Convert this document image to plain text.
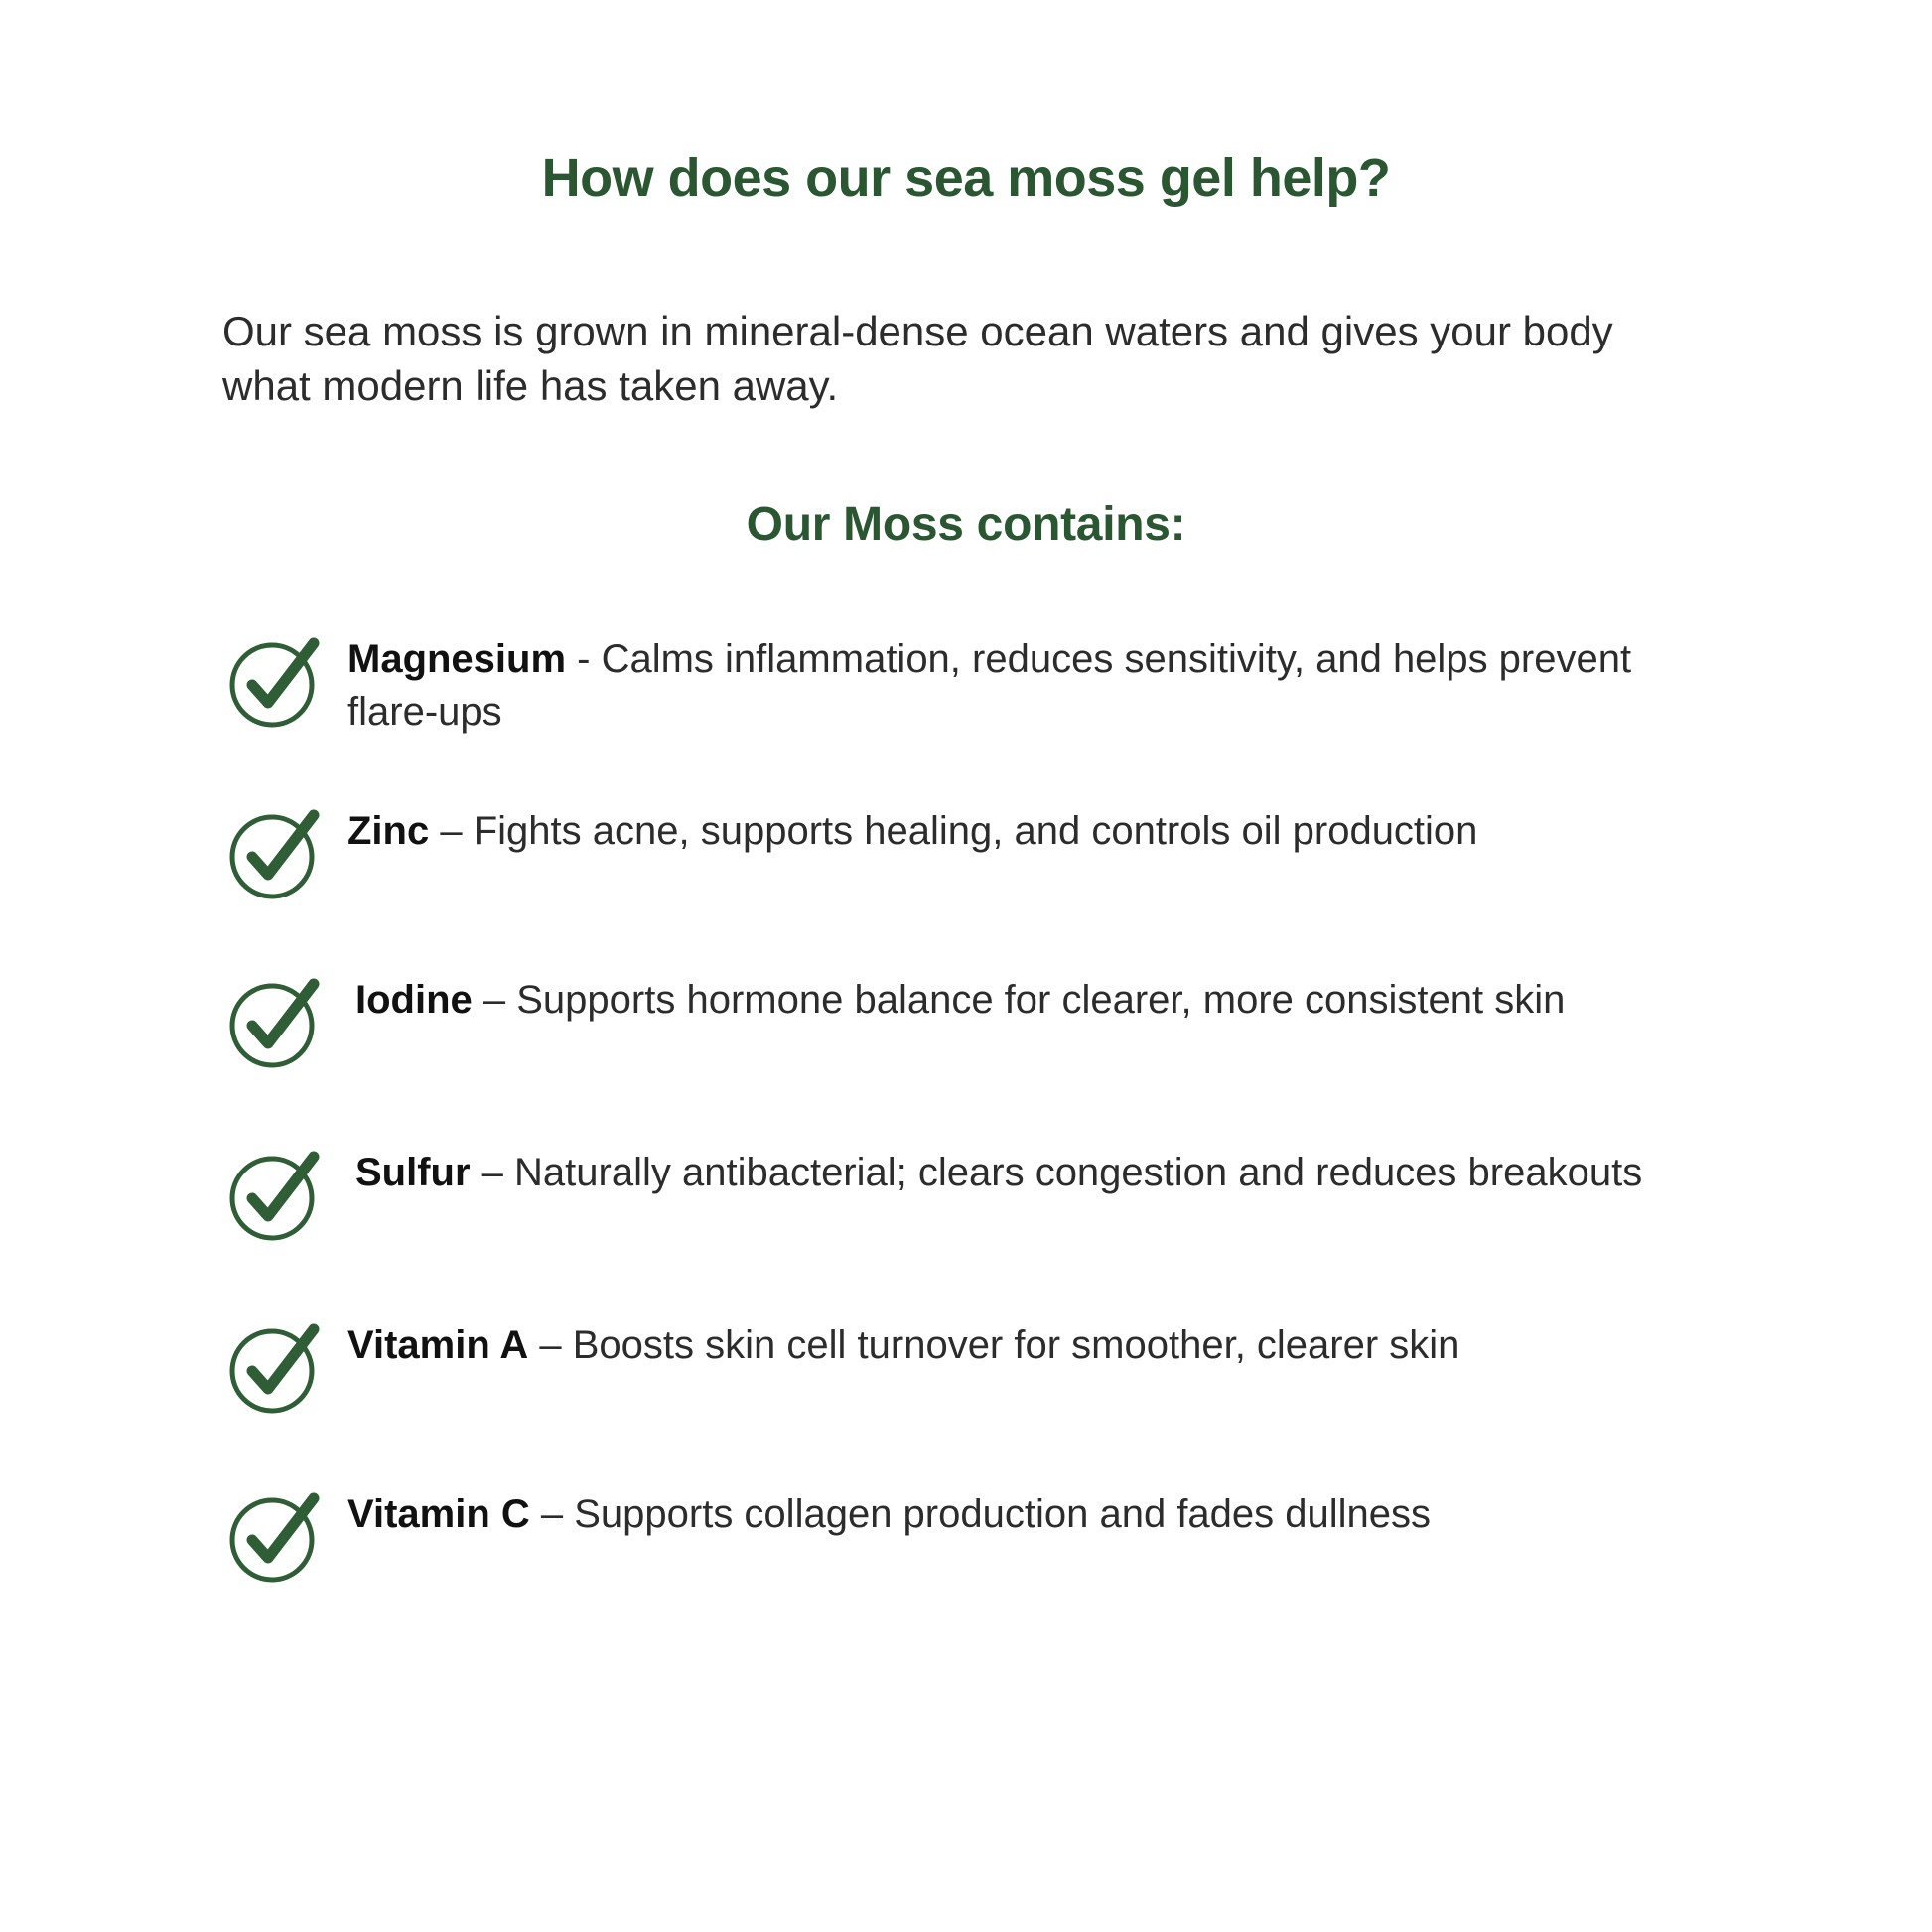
How does our sea moss gel help?

Our sea moss is grown in mineral-dense ocean waters and gives your body what modern life has taken away.

Our Moss contains:
Magnesium - Calms inflammation, reduces sensitivity, and helps prevent flare-ups
Zinc – Fights acne, supports healing, and controls oil production
Iodine – Supports hormone balance for clearer, more consistent skin
Sulfur – Naturally antibacterial; clears congestion and reduces breakouts
Vitamin A – Boosts skin cell turnover for smoother, clearer skin
Vitamin C – Supports collagen production and fades dullness
